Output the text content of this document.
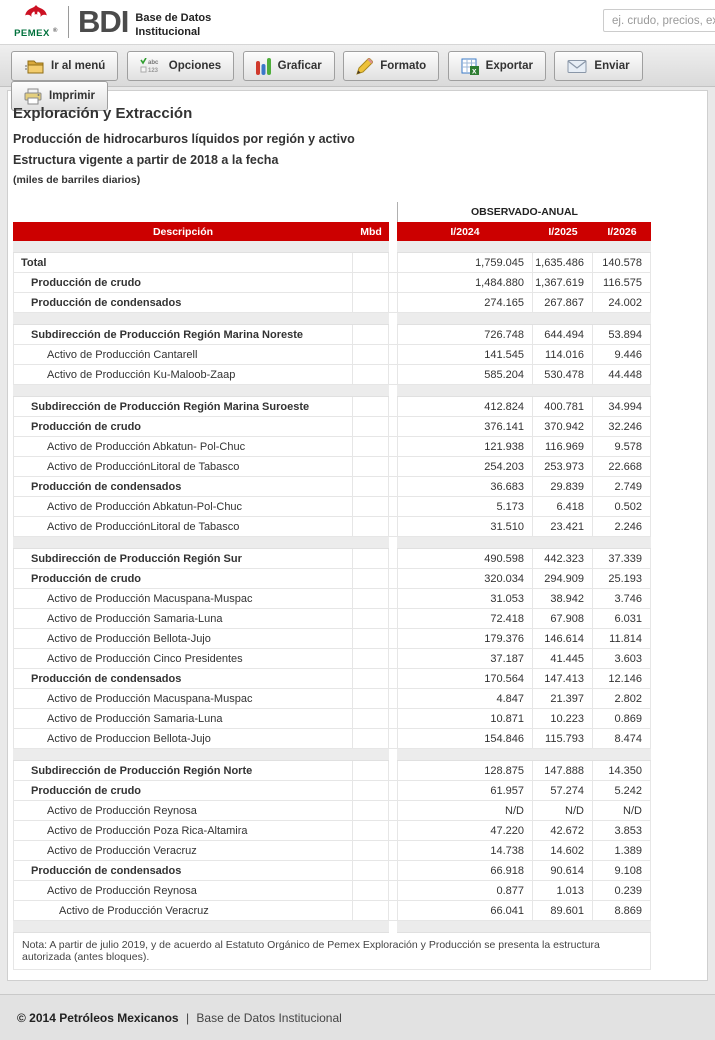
PEMEX ® BDI Base de Datos
Institucional
ej. crudo, precios, exp
Ir al menú
	abc
123 Opciones
	Graficar
	Formato
	x Exportar
	Enviar

Imprimir
Exploración y Extracción
Producción de hidrocarburos líquidos por región y activo
Estructura vigente a partir de 2018 a la fecha
(miles de barriles diarios)
OBSERVADO-ANUAL
Descripción	Mbd		I/2024	I/2025	I/2026

Total			1,759.045	1,635.486	140.578
Producción de crudo			1,484.880	1,367.619	116.575
Producción de condensados			274.165	267.867	24.002

Subdirección de Producción Región Marina Noreste			726.748	644.494	53.894
Activo de Producción Cantarell			141.545	114.016	9.446
Activo de Producción Ku-Maloob-Zaap			585.204	530.478	44.448

Subdirección de Producción Región Marina Suroeste			412.824	400.781	34.994
Producción de crudo			376.141	370.942	32.246
Activo de Producción Abkatun- Pol-Chuc			121.938	116.969	9.578
Activo de ProducciónLitoral de Tabasco			254.203	253.973	22.668
Producción de condensados			36.683	29.839	2.749
Activo de Producción Abkatun-Pol-Chuc			5.173	6.418	0.502
Activo de ProducciónLitoral de Tabasco			31.510	23.421	2.246

Subdirección de Producción Región Sur			490.598	442.323	37.339
Producción de crudo			320.034	294.909	25.193
Activo de Producción Macuspana-Muspac			31.053	38.942	3.746
Activo de Producción Samaria-Luna			72.418	67.908	6.031
Activo de Producción Bellota-Jujo			179.376	146.614	11.814
Activo de Producción Cinco Presidentes			37.187	41.445	3.603
Producción de condensados			170.564	147.413	12.146
Activo de Producción Macuspana-Muspac			4.847	21.397	2.802
Activo de Producción Samaria-Luna			10.871	10.223	0.869
Activo de Produccion Bellota-Jujo			154.846	115.793	8.474

Subdirección de Producción Región Norte			128.875	147.888	14.350
Producción de crudo			61.957	57.274	5.242
Activo de Producción Reynosa			N/D	N/D	N/D
Activo de Producción Poza Rica-Altamira			47.220	42.672	3.853
Activo de Producción Veracruz			14.738	14.602	1.389
Producción de condensados			66.918	90.614	9.108
Activo de Producción Reynosa			0.877	1.013	0.239
Activo de Producción Veracruz			66.041	89.601	8.869

Nota: A partir de julio 2019, y de acuerdo al Estatuto Orgánico de Pemex Exploración y Producción se presenta la estructura autorizada (antes bloques).					
© 2014 Petróleos Mexicanos | Base de Datos Institucional
